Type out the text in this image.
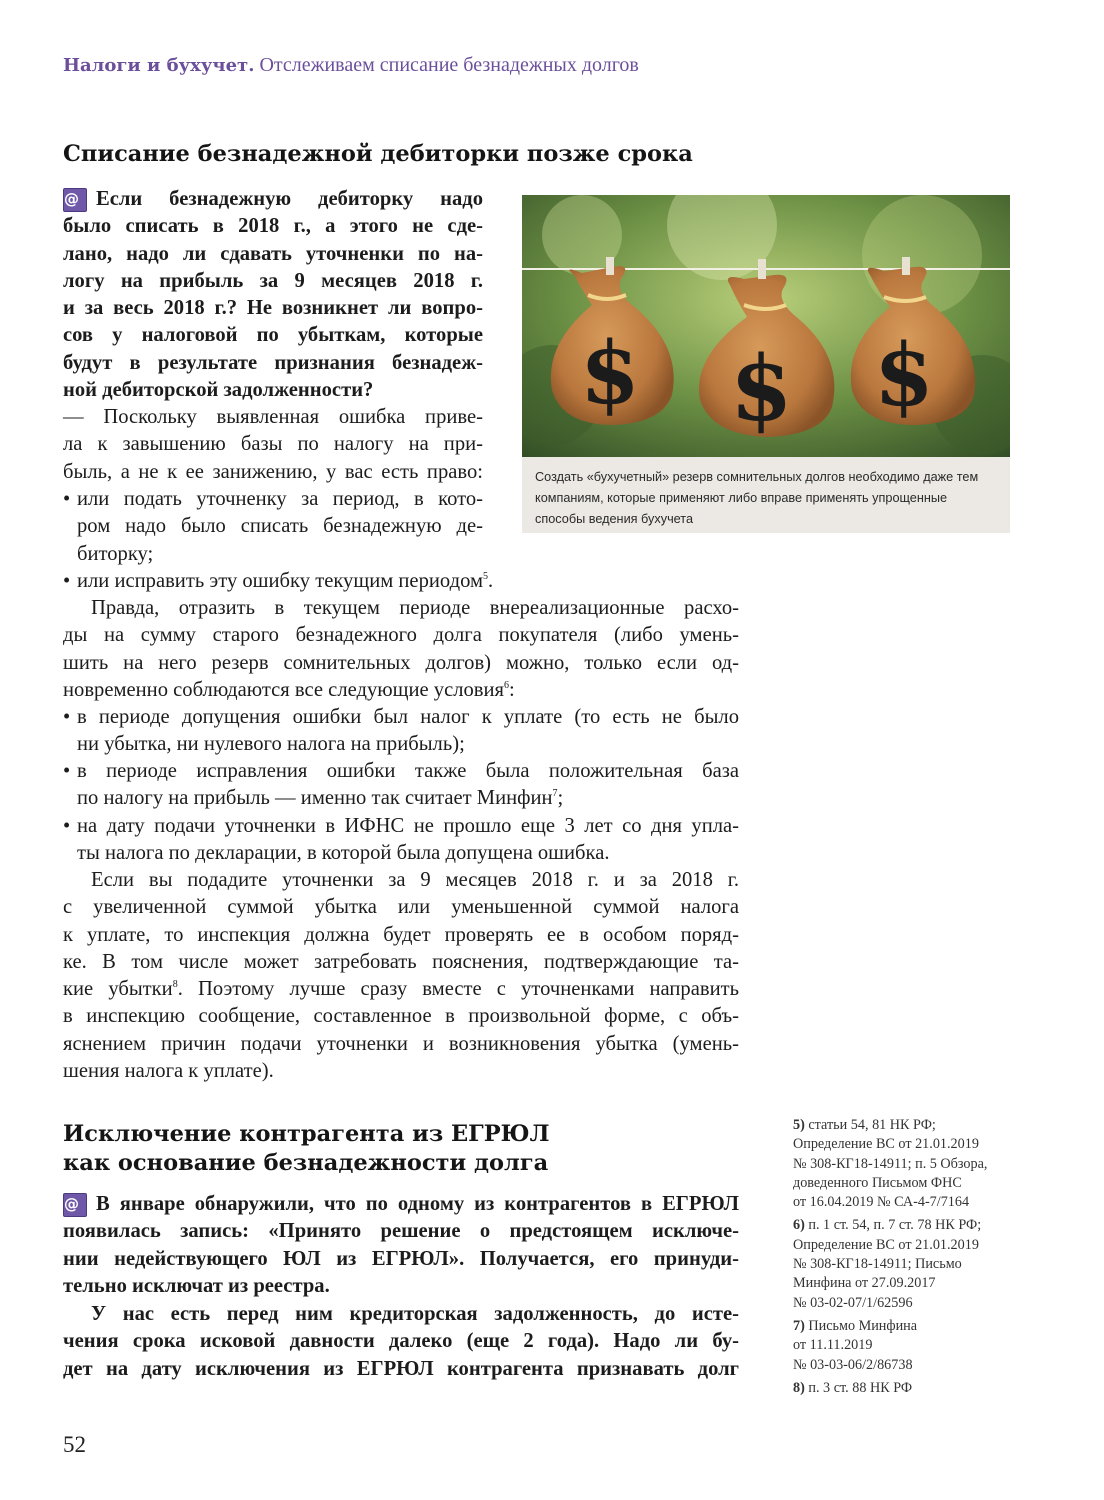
Налоги и бухучет. Отслеживаем списание безнадежных долгов
Списание безнадежной дебиторки позже срока
@ Если безнадежную дебиторку надо
было списать в 2018 г., а этого не сде-
лано, надо ли сдавать уточненки по на-
логу на прибыль за 9 месяцев 2018 г.
и за весь 2018 г.? Не возникнет ли вопро-
сов у налоговой по убыткам, которые
будут в результате признания безнадеж-
ной дебиторской задолженности?
— Поскольку выявленная ошибка приве-
ла к завышению базы по налогу на при-
быль, а не к ее занижению, у вас есть право:
• или подать уточненку за период, в кото-
ром надо было списать безнадежную де-
биторку;
• или исправить эту ошибку текущим периодом$^5$.
Правда, отразить в текущем периоде внереализационные расхо-
ды на сумму старого безнадежного долга покупателя (либо умень-
шить на него резерв сомнительных долгов) можно, только если од-
новременно соблюдаются все следующие условия$^6$:
• в периоде допущения ошибки был налог к уплате (то есть не было
ни убытка, ни нулевого налога на прибыль);
• в периоде исправления ошибки также была положительная база
по налогу на прибыль — именно так считает Минфин$^7$;
• на дату подачи уточненки в ИФНС не прошло еще 3 лет со дня упла-
ты налога по декларации, в которой была допущена ошибка.
Если вы подадите уточненки за 9 месяцев 2018 г. и за 2018 г.
с увеличенной суммой убытка или уменьшенной суммой налога
к уплате, то инспекция должна будет проверять ее в особом поряд-
ке. В том числе может затребовать пояснения, подтверждающие та-
кие убытки$^8$. Поэтому лучше сразу вместе с уточненками направить
в инспекцию сообщение, составленное в произвольной форме, с объ-
яснением причин подачи уточненки и возникновения убытка (умень-
шения налога к уплате).
$ $ $
Создать «бухучетный» резерв сомнительных долгов необходимо даже тем компаниям, которые применяют либо вправе применять упрощенные способы ведения бухучета
Исключение контрагента из ЕГРЮЛ
как основание безнадежности долга
@ В январе обнаружили, что по одному из контрагентов в ЕГРЮЛ
появилась запись: «Принято решение о предстоящем исключе-
нии недействующего ЮЛ из ЕГРЮЛ». Получается, его принуди-
тельно исключат из реестра.
У нас есть перед ним кредиторская задолженность, до исте-
чения срока исковой давности далеко (еще 2 года). Надо ли бу-
дет на дату исключения из ЕГРЮЛ контрагента признавать долг
5) статьи 54, 81 НК РФ;
Определение ВС от 21.01.2019
№ 308-КГ18-14911; п. 5 Обзора,
доведенного Письмом ФНС
от 16.04.2019 № СА-4-7/7164
6) п. 1 ст. 54, п. 7 ст. 78 НК РФ;
Определение ВС от 21.01.2019
№ 308-КГ18-14911; Письмо
Минфина от 27.09.2017
№ 03-02-07/1/62596
7) Письмо Минфина
от 11.11.2019
№ 03-03-06/2/86738
8) п. 3 ст. 88 НК РФ
52
